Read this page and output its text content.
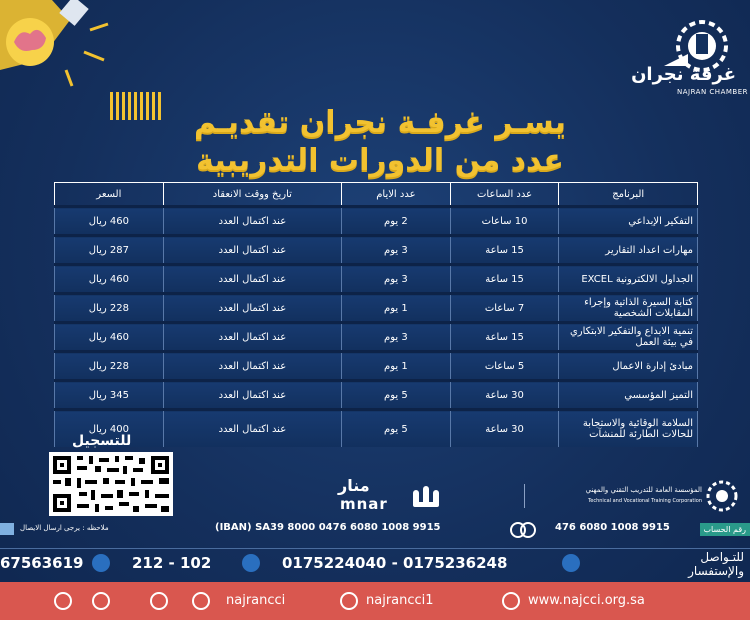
غرفة نجران
NAJRAN CHAMBER
يسـر غرفـة نجران تقديـم
عدد من الدورات التدريبية
البرنامج	عدد الساعات	عدد الايام	تاريخ ووقت الانعقاد	السعر
التفكير الإبداعي	10 ساعات	2 يوم	عند اكتمال العدد	460 ريال
مهارات اعداد التقارير	15 ساعة	3 يوم	عند اكتمال العدد	287 ريال
الجداول الالكترونية EXCEL	15 ساعة	3 يوم	عند اكتمال العدد	460 ريال
كتابة السيرة الذاتية وإجراء المقابلات الشخصية	7 ساعات	1 يوم	عند اكتمال العدد	228 ريال
تنمية الابداع والتفكير الابتكاري في بيئة العمل	15 ساعة	3 يوم	عند اكتمال العدد	460 ريال
مبادئ إدارة الاعمال	5 ساعات	1 يوم	عند اكتمال العدد	228 ريال
التميز المؤسسي	30 ساعة	5 يوم	عند اكتمال العدد	345 ريال
السلامة الوقائية والاستجابة للحالات الطارئة للمنشآت	30 ساعة	5 يوم	عند اكتمال العدد	400 ريال
للتسجيل
منار
mnar
المؤسسة العامة للتدريب التقني والمهني
Technical and Vocational Training Corporation
ملاحظه : يرجى ارسال الايصال	(IBAN) SA39 8000 0476 6080 1008 9915	476 6080 1008 9915	رقم الحساب
67563619	212 - 102	0175224040 - 0175236248	للتـواصل والإستفسار
najrancci	najrancci1	www.najcci.org.sa
